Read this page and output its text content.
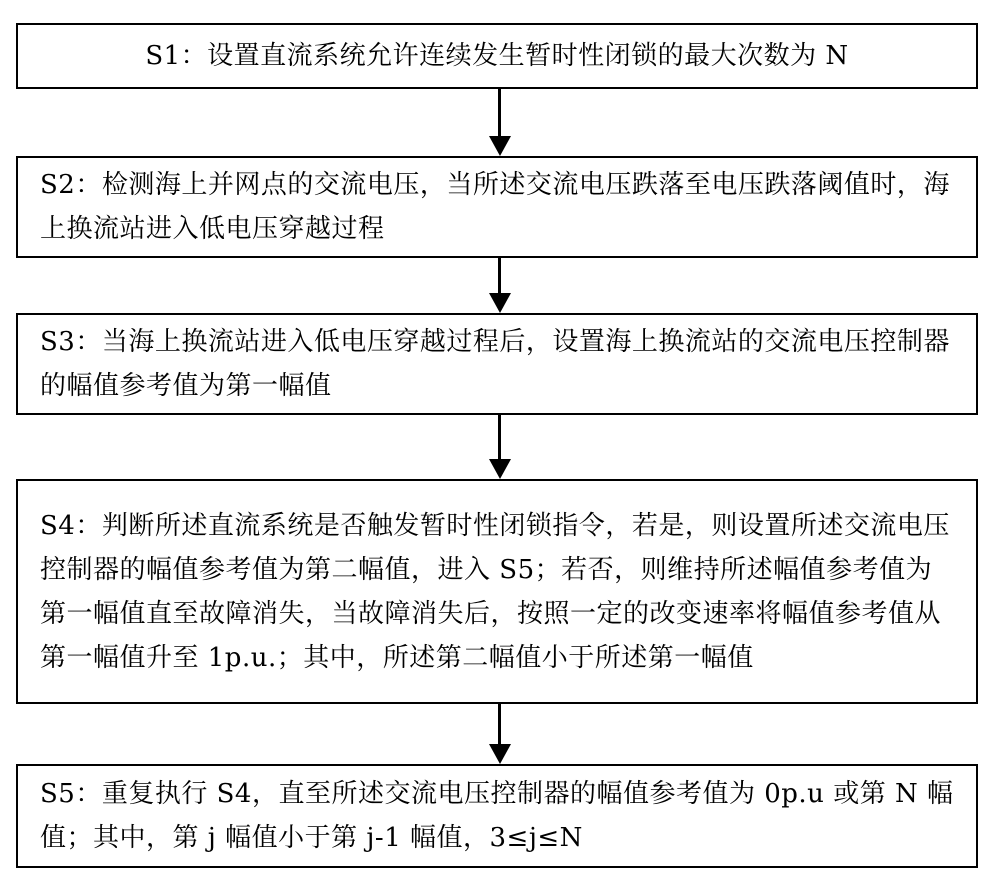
S1：设置直流系统允许连续发生暂时性闭锁的最大次数为 N

S2：检测海上并网点的交流电压，当所述交流电压跌落至电压跌落阈值时，海上换流站进入低电压穿越过程

S3：当海上换流站进入低电压穿越过程后，设置海上换流站的交流电压控制器的幅值参考值为第一幅值

S4：判断所述直流系统是否触发暂时性闭锁指令，若是，则设置所述交流电压控制器的幅值参考值为第二幅值，进入 S5；若否，则维持所述幅值参考值为第一幅值直至故障消失，当故障消失后，按照一定的改变速率将幅值参考值从第一幅值升至 1p.u.；其中，所述第二幅值小于所述第一幅值

S5：重复执行 S4，直至所述交流电压控制器的幅值参考值为 0p.u 或第 N 幅值；其中，第 j 幅值小于第 j-1 幅值，3≤j≤N
